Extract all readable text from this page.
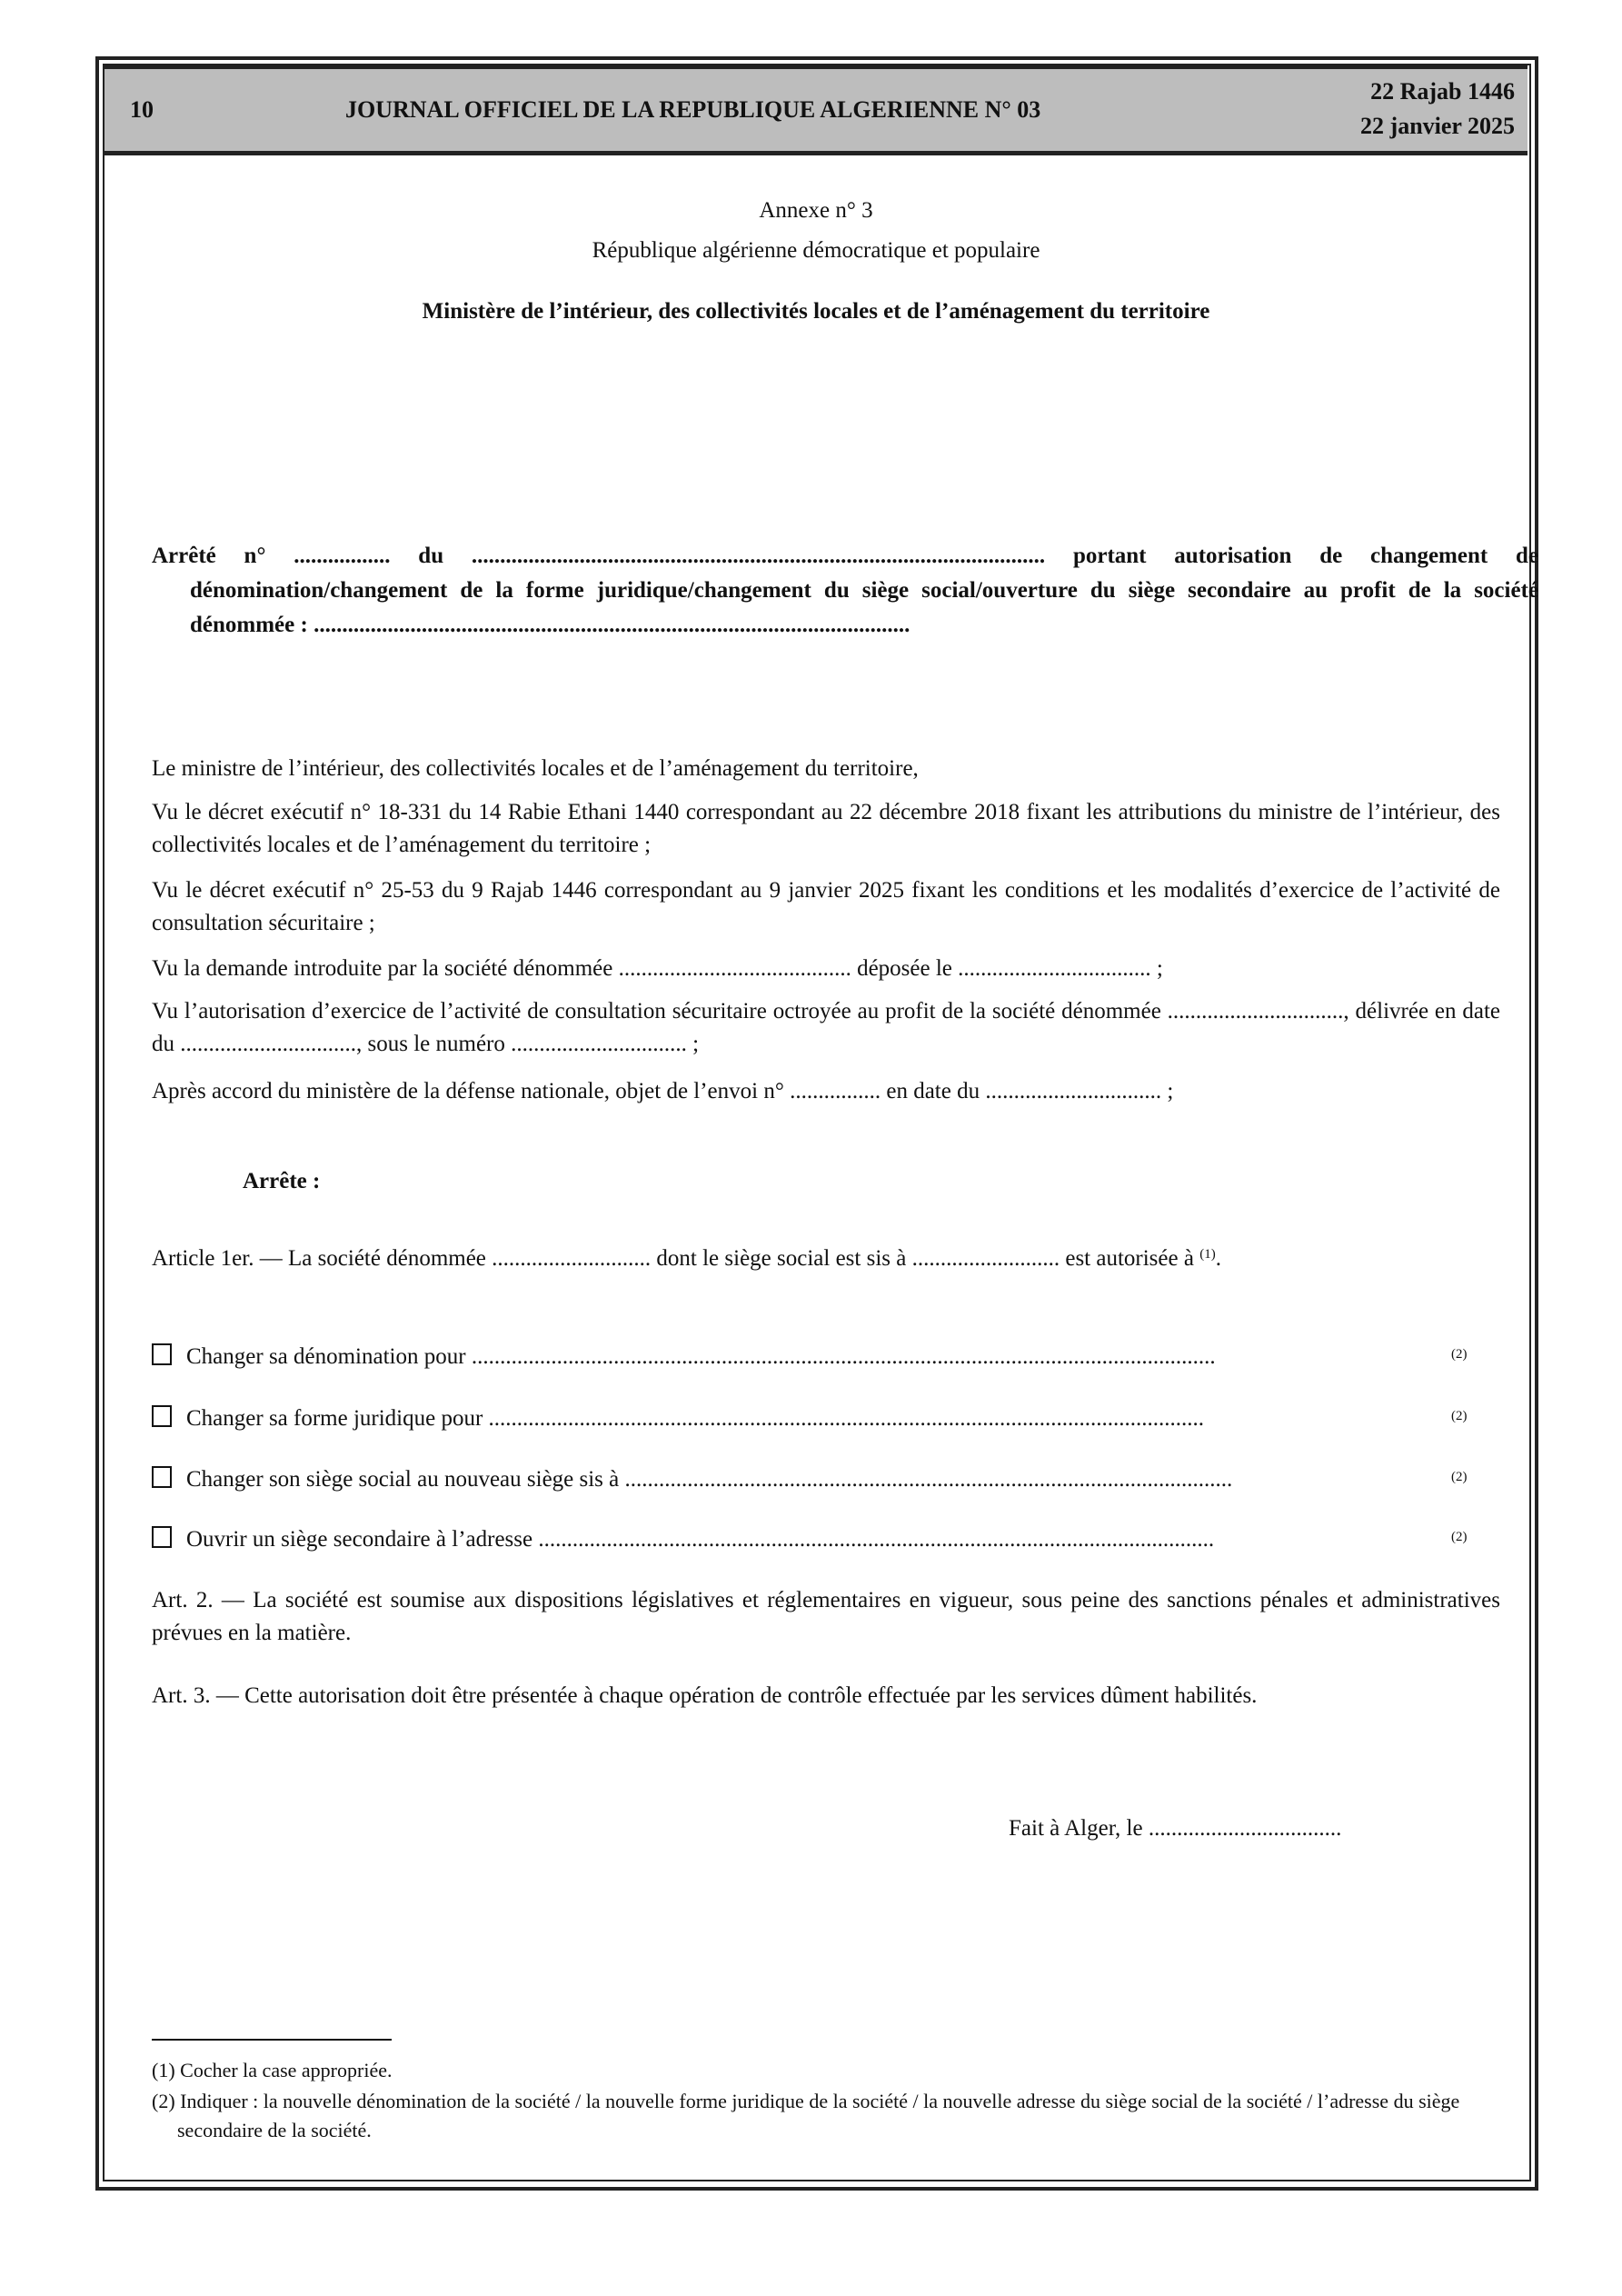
10	JOURNAL OFFICIEL DE LA REPUBLIQUE ALGERIENNE N° 03
22 Rajab 1446
22 janvier 2025
Annexe n° 3
République algérienne démocratique et populaire
Ministère de l’intérieur, des collectivités locales et de l’aménagement du territoire
Arrêté n° ................. du ..................................................................................................... portant autorisation de changement de dénomination/changement de la forme juridique/changement du siège social/ouverture du siège secondaire au profit de la société dénommée : .........................................................................................................
Le ministre de l’intérieur, des collectivités locales et de l’aménagement du territoire,
Vu le décret exécutif n° 18-331 du 14 Rabie Ethani 1440 correspondant au 22 décembre 2018 fixant les attributions du ministre de l’intérieur, des collectivités locales et de l’aménagement du territoire ;
Vu le décret exécutif n° 25-53 du 9 Rajab 1446 correspondant au 9 janvier 2025 fixant les conditions et les modalités d’exercice de l’activité de consultation sécuritaire ;
Vu la demande introduite par la société dénommée ......................................... déposée le .................................. ;
Vu l’autorisation d’exercice de l’activité de consultation sécuritaire octroyée au profit de la société dénommée ..............................., délivrée en date du ..............................., sous le numéro ............................... ;
Après accord du ministère de la défense nationale, objet de l’envoi n° ................ en date du ............................... ;
Arrête :
Article 1er. — La société dénommée ............................ dont le siège social est sis à .......................... est autorisée à $^{(1)}$.
Changer sa dénomination pour ...................................................................................................................................	(2)
Changer sa forme juridique pour ..............................................................................................................................	(2)
Changer son siège social au nouveau siège sis à ...........................................................................................................	(2)
Ouvrir un siège secondaire à l’adresse .......................................................................................................................	(2)
Art. 2. — La société est soumise aux dispositions législatives et réglementaires en vigueur, sous peine des sanctions pénales et administratives prévues en la matière.
Art. 3. — Cette autorisation doit être présentée à chaque opération de contrôle effectuée par les services dûment habilités.
Fait à Alger, le ..................................
(1) Cocher la case appropriée.
(2) Indiquer : la nouvelle dénomination de la société / la nouvelle forme juridique de la société / la nouvelle adresse du siège social de la société / l’adresse du siège secondaire de la société.
